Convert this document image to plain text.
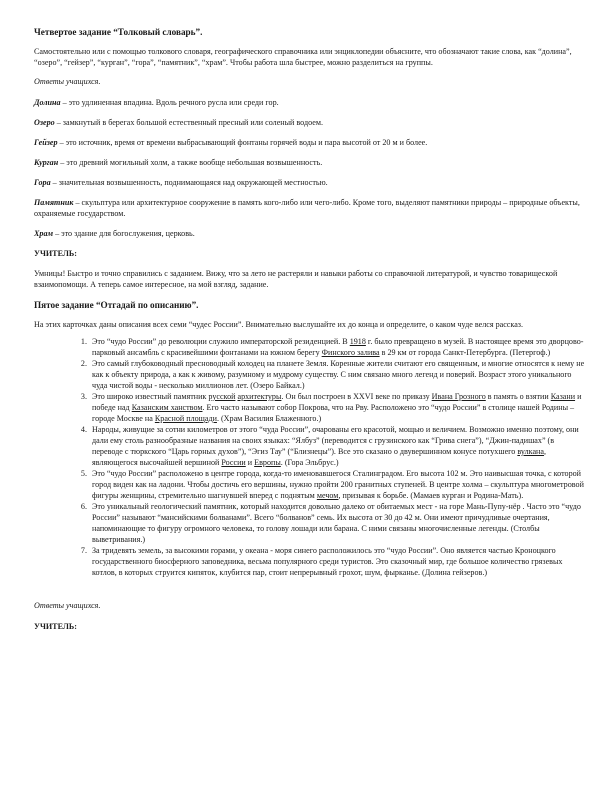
Четвертое задание “Толковый словарь”.

Самостоятельно или с помощью толкового словаря, географического справочника или энциклопедии объясните, что обозначают такие слова, как “долина”, “озеро”, “гейзер”, “курган”, “гора”, “памятник”, “храм”. Чтобы работа шла быстрее, можно разделиться на группы.

Ответы учащихся.

Долина – это удлиненная впадина. Вдоль речного русла или среди гор.

Озеро – замкнутый в берегах большой естественный пресный или соленый водоем.

Гейзер – это источник, время от времени выбрасывающий фонтаны горячей воды и пара высотой от 20 м и более.

Курган – это древний могильный холм, а также вообще небольшая возвышенность.

Гора – значительная возвышенность, поднимающаяся над окружающей местностью.

Памятник – скульптура или архитектурное сооружение в память кого-либо или чего-либо. Кроме того, выделяют памятники природы – природные объекты, охраняемые государством.

Храм – это здание для богослужения, церковь.

УЧИТЕЛЬ:

Умницы! Быстро и точно справились с заданием. Вижу, что за лето не растеряли и навыки работы со справочной литературой, и чувство товарищеской взаимопомощи. А теперь самое интересное, на мой взгляд, задание.

Пятое задание “Отгадай по описанию”.

На этих карточках даны описания всех семи “чудес России”. Внимательно выслушайте их до конца и определите, о каком чуде велся рассказ.

1. Это “чудо России” до революции служило императорской резиденцией. В 1918 г. было превращено в музей. В настоящее время это дворцово-парковый ансамбль с красивейшими фонтанами на южном берегу Финского залива в 29 км от города Санкт-Петербурга. (Петергоф.)
2. Это самый глубоководный пресноводный колодец на планете Земля. Коренные жители считают его священным, и многие относятся к нему не как к объекту природа, а как к живому, разумному и мудрому существу. С ним связано много легенд и поверий. Возраст этого уникального чуда чистой воды - несколько миллионов лет. (Озеро Байкал.)
3. Это широко известный памятник русской архитектуры. Он был построен в XXVI веке по приказу Ивана Грозного в память о взятии Казани и победе над Казанским ханством. Его часто называют собор Покрова, что на Рву. Расположено это “чудо России” в столице нашей Родины – городе Москве на Красной площади. (Храм Василия Блаженного.)
4. Народы, живущие за сотни километров от этого “чуда России”, очарованы его красотой, мощью и величием. Возможно именно поэтому, они дали ему столь разнообразные названия на своих языках: “Ялбуз” (переводится с грузинского как “Грива снега”), “Джин-падишах” (в переводе с тюркского “Царь горных духов”), “Эгиз Тау” (“Близнецы”). Все это сказано о двувершинном конусе потухшего вулкана, являющегося высочайшей вершиной России и Европы. (Гора Эльбрус.)
5. Это “чудо России” расположено в центре города, когда-то именовавшегося Сталинградом. Его высота 102 м. Это наивысшая точка, с которой город виден как на ладони. Чтобы достичь его вершины, нужно пройти 200 гранитных ступеней. В центре холма – скульптура многометровой фигуры женщины, стремительно шагнувшей вперед с поднятым мечом, призывая к борьбе. (Мамаев курган и Родина-Мать).
6. Это уникальный геологический памятник, который находится довольно далеко от обитаемых мест - на горе Мань-Пупу-нёр . Часто это “чудо России” называют “мансийскими болванами”. Всего “болванов” семь. Их высота от 30 до 42 м. Они имеют причудливые очертания, напоминающие то фигуру огромного человека, то голову лошади или барана. С ними связаны многочисленные легенды. (Столбы выветривания.)
7. За тридевять земель, за высокими горами, у океана - моря синего расположилось это “чудо России”. Оно является частью Кроноцкого государственного биосферного заповедника, весьма популярного среди туристов. Это сказочный мир, где большое количество грязевых котлов, в которых струится кипяток, клубится пар, стоит непрерывный грохот, шум, фырканье. (Долина гейзеров.)

Ответы учащихся.

УЧИТЕЛЬ:
